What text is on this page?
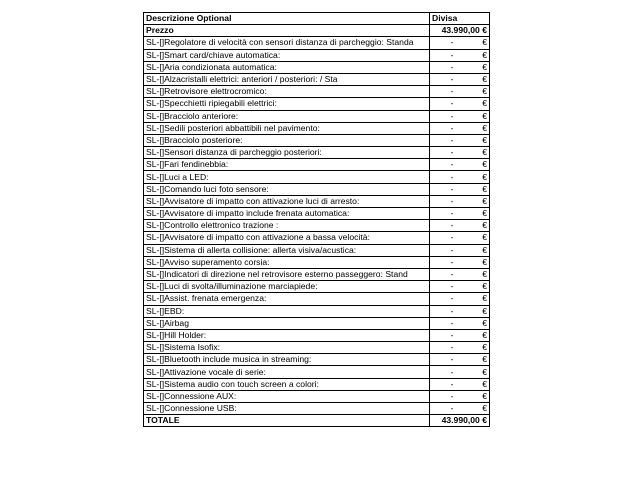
Descrizione Optional	Divisa
Prezzo	43.990,00 €
SL-[]Regolatore di velocità con sensori distanza di parcheggio: Standa	- €
SL-[]Smart card/chiave automatica:	- €
SL-[]Aria condizionata automatica:	- €
SL-[]Alzacristalli elettrici: anteriori / posteriori: / Sta	- €
SL-[]Retrovisore elettrocromico:	- €
SL-[]Specchietti ripiegabili elettrici:	- €
SL-[]Bracciolo anteriore:	- €
SL-[]Sedili posteriori abbattibili nel pavimento:	- €
SL-[]Bracciolo posteriore:	- €
SL-[]Sensori distanza di parcheggio posteriori:	- €
SL-[]Fari fendinebbia:	- €
SL-[]Luci a LED:	- €
SL-[]Comando luci foto sensore:	- €
SL-[]Avvisatore di impatto con attivazione luci di arresto:	- €
SL-[]Avvisatore di impatto include frenata automatica:	- €
SL-[]Controllo elettronico trazione :	- €
SL-[]Avvisatore di impatto con attivazione a bassa velocità:	- €
SL-[]Sistema di allerta collisione: allerta visiva/acustica:	- €
SL-[]Avviso superamento corsia:	- €
SL-[]Indicatori di direzione nel retrovisore esterno passeggero: Stand	- €
SL-[]Luci di svolta/illuminazione marciapiede:	- €
SL-[]Assist. frenata emergenza:	- €
SL-[]EBD:	- €
SL-[]Airbag	- €
SL-[]Hill Holder:	- €
SL-[]Sistema Isofix:	- €
SL-[]Bluetooth include musica in streaming:	- €
SL-[]Attivazione vocale di serie:	- €
SL-[]Sistema audio con touch screen a colori:	- €
SL-[]Connessione AUX:	- €
SL-[]Connessione USB:	- €
TOTALE	43.990,00 €
